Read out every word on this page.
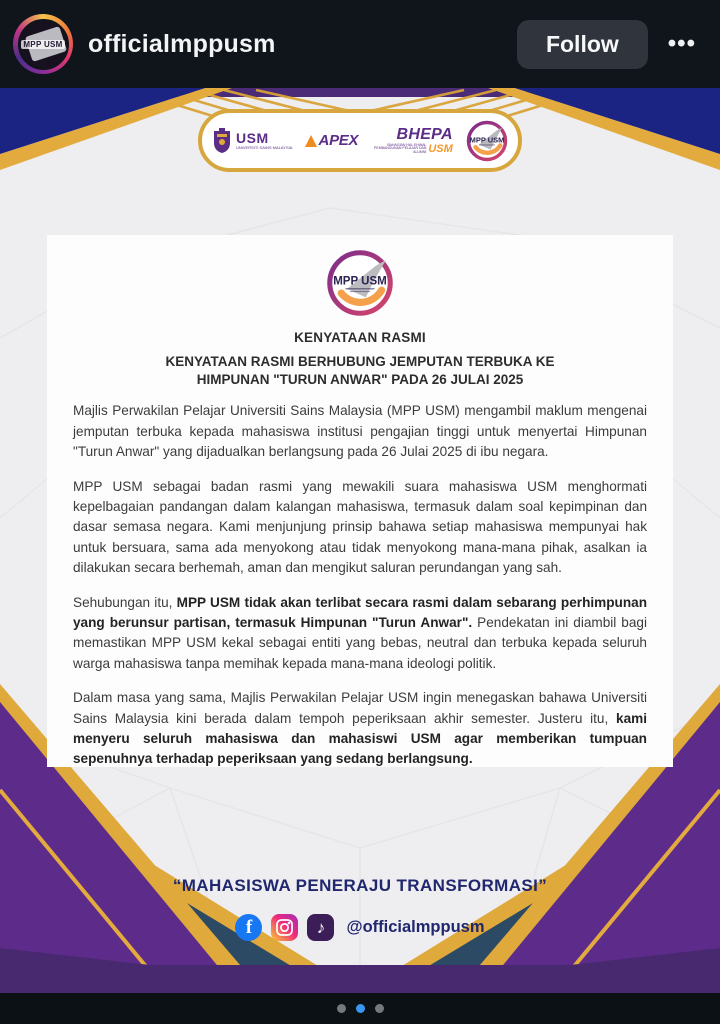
MPP USM officialmppusm	Follow	•••
USM
UNIVERSITI SAINS MALAYSIA APEX BHEPA
BAHAGIAN HAL EHWAL PEMBANGUNAN PELAJAR DAN ALUMNI USM
MPP USM
MPP USM
KENYATAAN RASMI
KENYATAAN RASMI BERHUBUNG JEMPUTAN TERBUKA KE
HIMPUNAN "TURUN ANWAR" PADA 26 JULAI 2025

Majlis Perwakilan Pelajar Universiti Sains Malaysia (MPP USM) mengambil maklum mengenai jemputan terbuka kepada mahasiswa institusi pengajian tinggi untuk menyertai Himpunan "Turun Anwar" yang dijadualkan berlangsung pada 26 Julai 2025 di ibu negara.

MPP USM sebagai badan rasmi yang mewakili suara mahasiswa USM menghormati kepelbagaian pandangan dalam kalangan mahasiswa, termasuk dalam soal kepimpinan dan dasar semasa negara. Kami menjunjung prinsip bahawa setiap mahasiswa mempunyai hak untuk bersuara, sama ada menyokong atau tidak menyokong mana-mana pihak, asalkan ia dilakukan secara berhemah, aman dan mengikut saluran perundangan yang sah.

Sehubungan itu, MPP USM tidak akan terlibat secara rasmi dalam sebarang perhimpunan yang berunsur partisan, termasuk Himpunan "Turun Anwar". Pendekatan ini diambil bagi memastikan MPP USM kekal sebagai entiti yang bebas, neutral dan terbuka kepada seluruh warga mahasiswa tanpa memihak kepada mana-mana ideologi politik.

Dalam masa yang sama, Majlis Perwakilan Pelajar USM ingin menegaskan bahawa Universiti Sains Malaysia kini berada dalam tempoh peperiksaan akhir semester. Justeru itu, kami menyeru seluruh mahasiswa dan mahasiswi USM agar memberikan tumpuan sepenuhnya terhadap peperiksaan yang sedang berlangsung.

“MAHASISWA PENERAJU TRANSFORMASI”
f	♪	@officialmppusm
